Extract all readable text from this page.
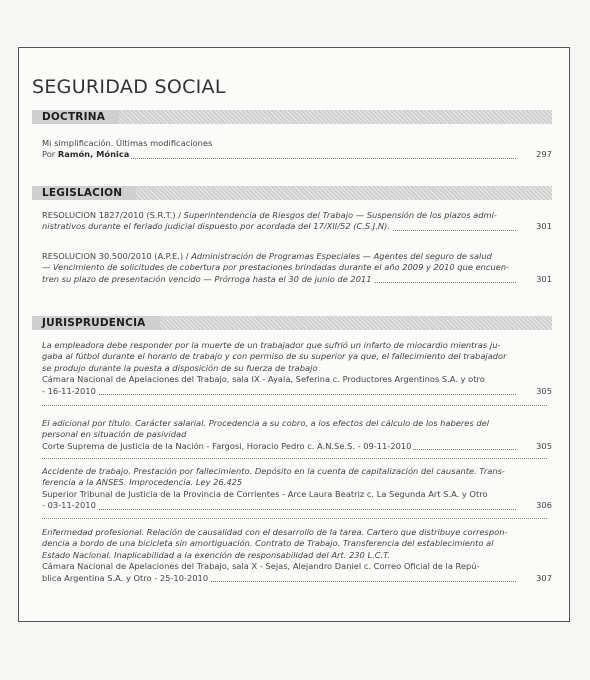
SEGURIDAD SOCIAL
DOCTRINA
Mi simplificación. Últimas modificaciones
Por Ramón, Mónica	297
LEGISLACION
RESOLUCION 1827/2010 (S.R.T.) / Superintendencia de Riesgos del Trabajo — Suspensión de los plazos admi-
nistrativos durante el feriado judicial dispuesto por acordada del 17/XII/52 (C.S.J.N).	301
RESOLUCION 30.500/2010 (A.P.E.) / Administración de Programas Especiales — Agentes del seguro de salud
— Vencimiento de solicitudes de cobertura por prestaciones brindadas durante el año 2009 y 2010 que encuen-
tren su plazo de presentación vencido — Prórroga hasta el 30 de junio de 2011	301
JURISPRUDENCIA
La empleadora debe responder por la muerte de un trabajador que sufrió un infarto de miocardio mientras ju-
gaba al fútbol durante el horario de trabajo y con permiso de su superior ya que, el fallecimiento del trabajador
se produjo durante la puesta a disposición de su fuerza de trabajo
Cámara Nacional de Apelaciones del Trabajo, sala IX - Ayala, Seferina c. Productores Argentinos S.A. y otro
- 16-11-2010	305
El adicional por título. Carácter salarial. Procedencia a su cobro, a los efectos del cálculo de los haberes del
personal en situación de pasividad
Corte Suprema de Justicia de la Nación - Fargosi, Horacio Pedro c. A.N.Se.S. - 09-11-2010	305
Accidente de trabajo. Prestación por fallecimiento. Depósito en la cuenta de capitalización del causante. Trans-
ferencia a la ANSES. Improcedencia. Ley 26.425
Superior Tribunal de Justicia de la Provincia de Corrientes - Arce Laura Beatriz c. La Segunda Art S.A. y Otro
- 03-11-2010	306
Enfermedad profesional. Relación de causalidad con el desarrollo de la tarea. Cartero que distribuye correspon-
dencia a bordo de una bicicleta sin amortiguación. Contrato de Trabajo. Transferencia del establecimiento al
Estado Nacional. Inaplicabilidad a la exención de responsabilidad del Art. 230 L.C.T.
Cámara Nacional de Apelaciones del Trabajo, sala X - Sejas, Alejandro Daniel c. Correo Oficial de la Repú-
blica Argentina S.A. y Otro - 25-10-2010	307
